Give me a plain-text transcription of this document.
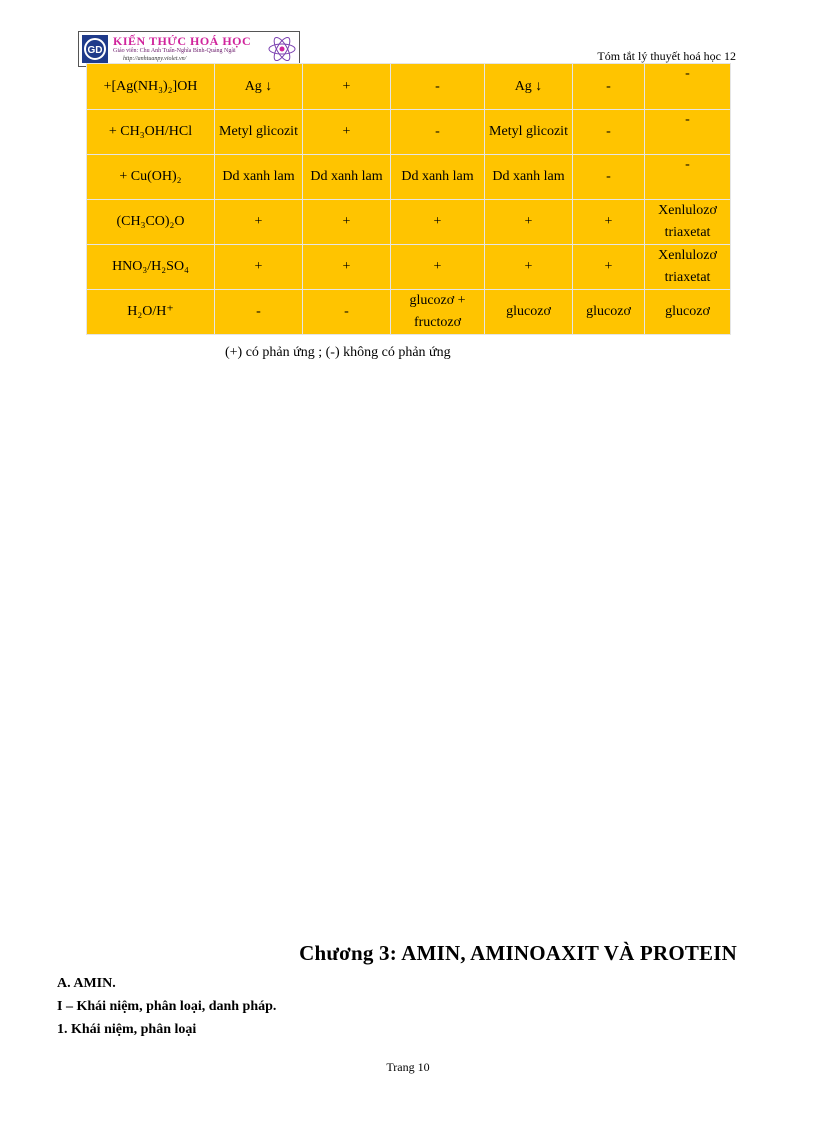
GD
KIẾN THỨC HOÁ HỌC
Giáo viên: Chu Anh Tuấn-Nghĩa Bình-Quảng Ngãi
http://anhtuanpy.violet.vn/	Tóm tắt lý thuyết hoá học 12
+[Ag(NH₃)₂]OH	Ag ↓	+	-	Ag ↓	-	-
+ CH₃OH/HCl	Metyl glicozit	+	-	Metyl glicozit	-	-
+ Cu(OH)₂	Dd xanh lam	Dd xanh lam	Dd xanh lam	Dd xanh lam	-	-
(CH₃CO)₂O	+	+	+	+	+	Xenlulozơ triaxetat
HNO₃/H₂SO₄	+	+	+	+	+	Xenlulozơ triaxetat
H₂O/H⁺	-	-	glucozơ + fructozơ	glucozơ	glucozơ	glucozơ
(+) có phản ứng ; (-) không có phản ứng
Chương 3: AMIN, AMINOAXIT VÀ PROTEIN
A. AMIN.
I – Khái niệm, phân loại, danh pháp.
1. Khái niệm, phân loại
Trang 10
